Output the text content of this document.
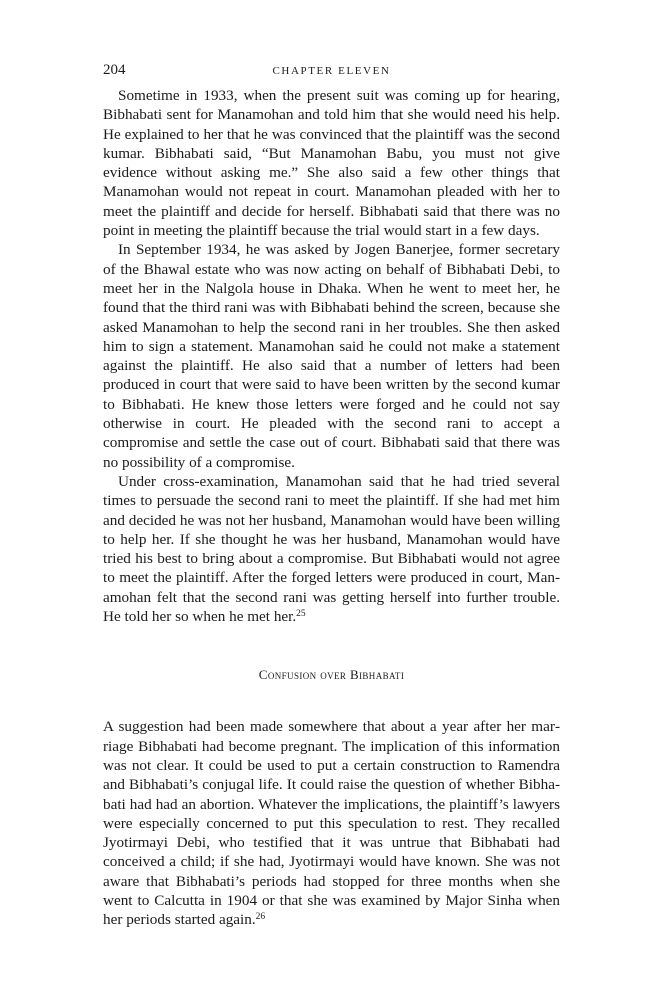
204	CHAPTER ELEVEN

Sometime in 1933, when the present suit was coming up for hearing, Bibhabati sent for Manamohan and told him that she would need his help. He explained to her that he was convinced that the plaintiff was the second kumar. Bibhabati said, “But Manamohan Babu, you must not give evidence without asking me.” She also said a few other things that Manamohan would not repeat in court. Manamohan pleaded with her to meet the plaintiff and decide for herself. Bibhabati said that there was no point in meeting the plaintiff because the trial would start in a few days.

In September 1934, he was asked by Jogen Banerjee, former secretary of the Bhawal estate who was now acting on behalf of Bibhabati Debi, to meet her in the Nalgola house in Dhaka. When he went to meet her, he found that the third rani was with Bibhabati behind the screen, because she asked Manamohan to help the second rani in her troubles. She then asked him to sign a statement. Manamohan said he could not make a statement against the plaintiff. He also said that a number of letters had been produced in court that were said to have been written by the second kumar to Bibhabati. He knew those letters were forged and he could not say otherwise in court. He pleaded with the second rani to accept a compromise and settle the case out of court. Bibhabati said that there was no possibility of a compromise.

Under cross-examination, Manamohan said that he had tried several times to persuade the second rani to meet the plaintiff. If she had met him and decided he was not her husband, Manamohan would have been willing to help her. If she thought he was her husband, Manamohan would have tried his best to bring about a compromise. But Bibhabati would not agree to meet the plaintiff. After the forged letters were produced in court, Manamohan felt that the second rani was getting herself into further trouble. He told her so when he met her.$^{25}$

Confusion over Bibhabati

A suggestion had been made somewhere that about a year after her marriage Bibhabati had become pregnant. The implication of this information was not clear. It could be used to put a certain construction to Ramendra and Bibhabati’s conjugal life. It could raise the question of whether Bibhabati had had an abortion. Whatever the implications, the plaintiff’s lawyers were especially concerned to put this speculation to rest. They recalled Jyotirmayi Debi, who testified that it was untrue that Bibhabati had conceived a child; if she had, Jyotirmayi would have known. She was not aware that Bibhabati’s periods had stopped for three months when she went to Calcutta in 1904 or that she was examined by Major Sinha when her periods started again.$^{26}$
